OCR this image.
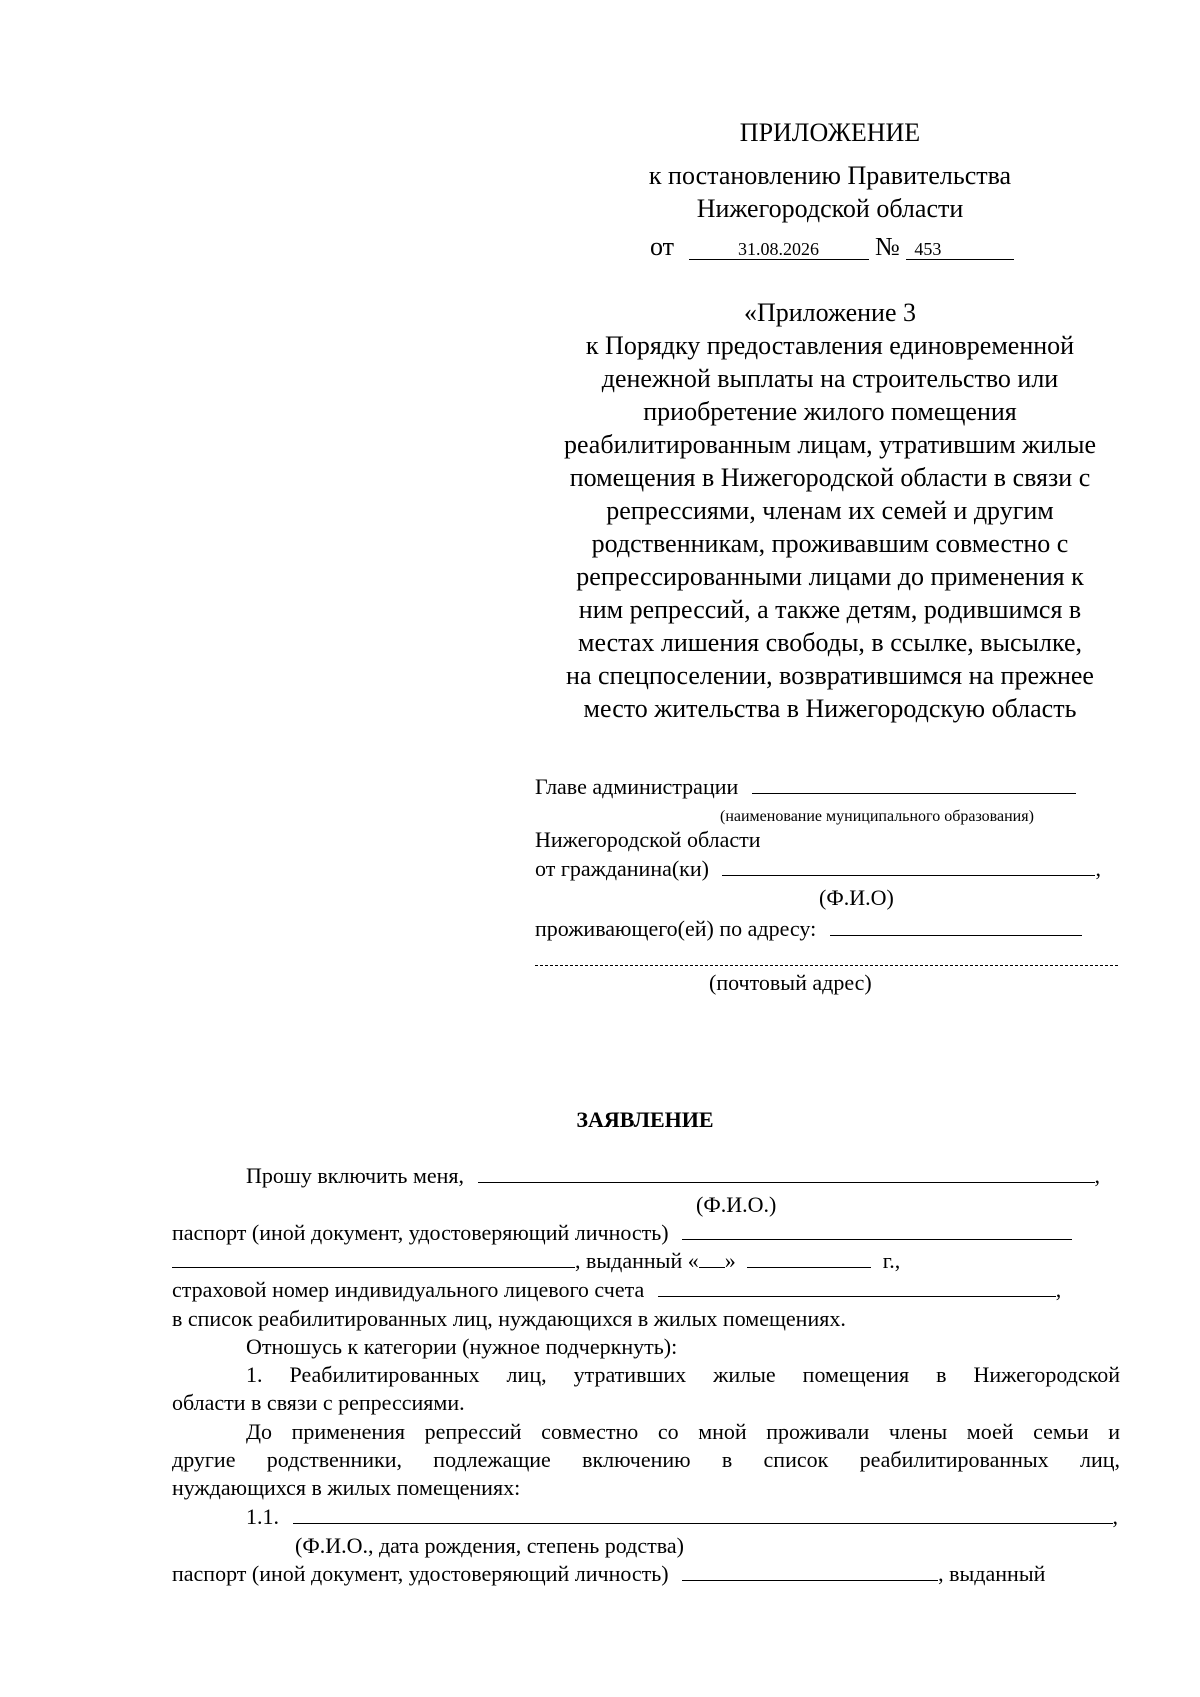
ПРИЛОЖЕНИЕ
к постановлению Правительства
Нижегородской области
от	31.08.2026 № 453
«Приложение 3
к Порядку предоставления единовременной
денежной выплаты на строительство или
приобретение жилого помещения
реабилитированным лицам, утратившим жилые
помещения в Нижегородской области в связи с
репрессиями, членам их семей и другим
родственникам, проживавшим совместно с
репрессированными лицами до применения к
ним репрессий, а также детям, родившимся в
местах лишения свободы, в ссылке, высылке,
на спецпоселении, возвратившимся на прежнее
место жительства в Нижегородскую область
Главе администрации
(наименование муниципального образования)
Нижегородской области
от гражданина(ки)	,
(Ф.И.О)
проживающего(ей) по адресу:
(почтовый адрес)
ЗАЯВЛЕНИЕ
Прошу включить меня,	,
(Ф.И.О.)
паспорт (иной документ, удостоверяющий личность)
, выданный « »	г.,
страховой номер индивидуального лицевого счета	,
в список реабилитированных лиц, нуждающихся в жилых помещениях.
Отношусь к категории (нужное подчеркнуть):
1. Реабилитированных лиц, утративших жилые помещения в Нижегородской
области в связи с репрессиями.
До применения репрессий совместно со мной проживали члены моей семьи и
другие родственники, подлежащие включению в список реабилитированных лиц,
нуждающихся в жилых помещениях:
1.1.	,
(Ф.И.О., дата рождения, степень родства)
паспорт (иной документ, удостоверяющий личность)	, выданный
